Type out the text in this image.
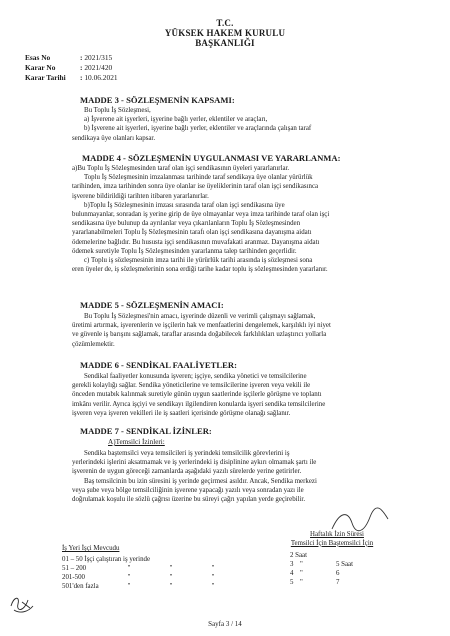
T.C.
YÜKSEK HAKEM KURULU
BAŞKANLIĞI
Esas No	: 2021/315
Karar No	: 2021/420
Karar Tarihi : 10.06.2021
MADDE 3 - SÖZLEŞMENİN KAPSAMI:

Bu Toplu İş Sözleşmesi,

a) İşverene ait işyerleri, işyerine bağlı yerler, eklentiler ve araçları,

b) İşverene ait işyerleri, işyerine bağlı yerler, eklentiler ve araçlarında çalışan taraf

sendikaya üye olanları kapsar.

MADDE 4 - SÖZLEŞMENİN UYGULANMASI VE YARARLANMA:

a)Bu Toplu İş Sözleşmesinden taraf olan işçi sendikasının üyeleri yararlanırlar.

Toplu İş Sözleşmesinin imzalanması tarihinde taraf sendikaya üye olanlar yürürlük

tarihinden, imza tarihinden sonra üye olanlar ise üyeliklerinin taraf olan işçi sendikasınca

işverene bildirildiği tarihten itibaren yararlanırlar.

b)Toplu İş Sözleşmesinin imzası sırasında taraf olan işçi sendikasına üye

bulunmayanlar, sonradan iş yerine girip de üye olmayanlar veya imza tarihinde taraf olan işçi

sendikasına üye bulunup da ayrılanlar veya çıkarılanların Toplu İş Sözleşmesinden

yararlanabilmeleri Toplu İş Sözleşmesinin tarafı olan işçi sendikasına dayanışma aidatı

ödemelerine bağlıdır. Bu hususta işçi sendikasının muvafakati aranmaz. Dayanışma aidatı

ödemek suretiyle Toplu İş Sözleşmesinden yararlanma talep tarihinden geçerlidir.

c) Toplu iş sözleşmesinin imza tarihi ile yürürlük tarihi arasında iş sözleşmesi sona

eren üyeler de, iş sözleşmelerinin sona erdiği tarihe kadar toplu iş sözleşmesinden yararlanır.

MADDE 5 - SÖZLEŞMENİN AMACI:

Bu Toplu İş Sözleşmesi'nin amacı, işyerinde düzenli ve verimli çalışmayı sağlamak,

üretimi artırmak, işverenlerin ve işçilerin hak ve menfaatlerini dengelemek, karşılıklı iyi niyet

ve güvenle iş barışını sağlamak, taraflar arasında doğabilecek farklılıkları uzlaştırıcı yollarla

çözümlemektir.

MADDE 6 - SENDİKAL FAALİYETLER:

Sendikal faaliyetler konusunda işveren; işçiye, sendika yönetici ve temsilcilerine

gerekli kolaylığı sağlar. Sendika yöneticilerine ve temsilcilerine işveren veya vekili ile

önceden mutabık kalınmak suretiyle günün uygun saatlerinde işçilerle görüşme ve toplantı

imkânı verilir. Ayrıca işçiyi ve sendikayı ilgilendiren konularda işyeri sendika temsilcilerine

işveren veya işveren vekilleri ile iş saatleri içerisinde görüşme olanağı sağlanır.

MADDE 7 - SENDİKAL İZİNLER:
A)Temsilci İzinleri:

Sendika baştemsilci veya temsilcileri iş yerindeki temsilcilik görevlerini iş

yerlerindeki işlerini aksatmamak ve iş yerlerindeki iş disiplinine aykırı olmamak şartı ile

işverenin de uygun göreceği zamanlarda aşağıdaki yazılı sürelerde yerine getirirler.

Baş temsilcinin bu izin süresini iş yerinde geçirmesi asıldır. Ancak, Sendika merkezi

veya şube veya bölge temsilciliğinin işverene yapacağı yazılı veya sonradan yazı ile

doğrulamak koşulu ile sözlü çağrısı üzerine bu süreyi çağrı yapılan yerde geçirebilir.

İş Yeri İşçi Mevcudu
01 – 50 İşçi çalıştıran iş yerinde
51 – 200	"	"	"
201-500	"	"	"
501'den fazla	"	"	"
Haftalık İzin Süresi
Temsilci İçin Baştemsilci İçin
2 Saat
3 "	5 Saat
4 "	6
5 "	7
Sayfa 3 / 14
